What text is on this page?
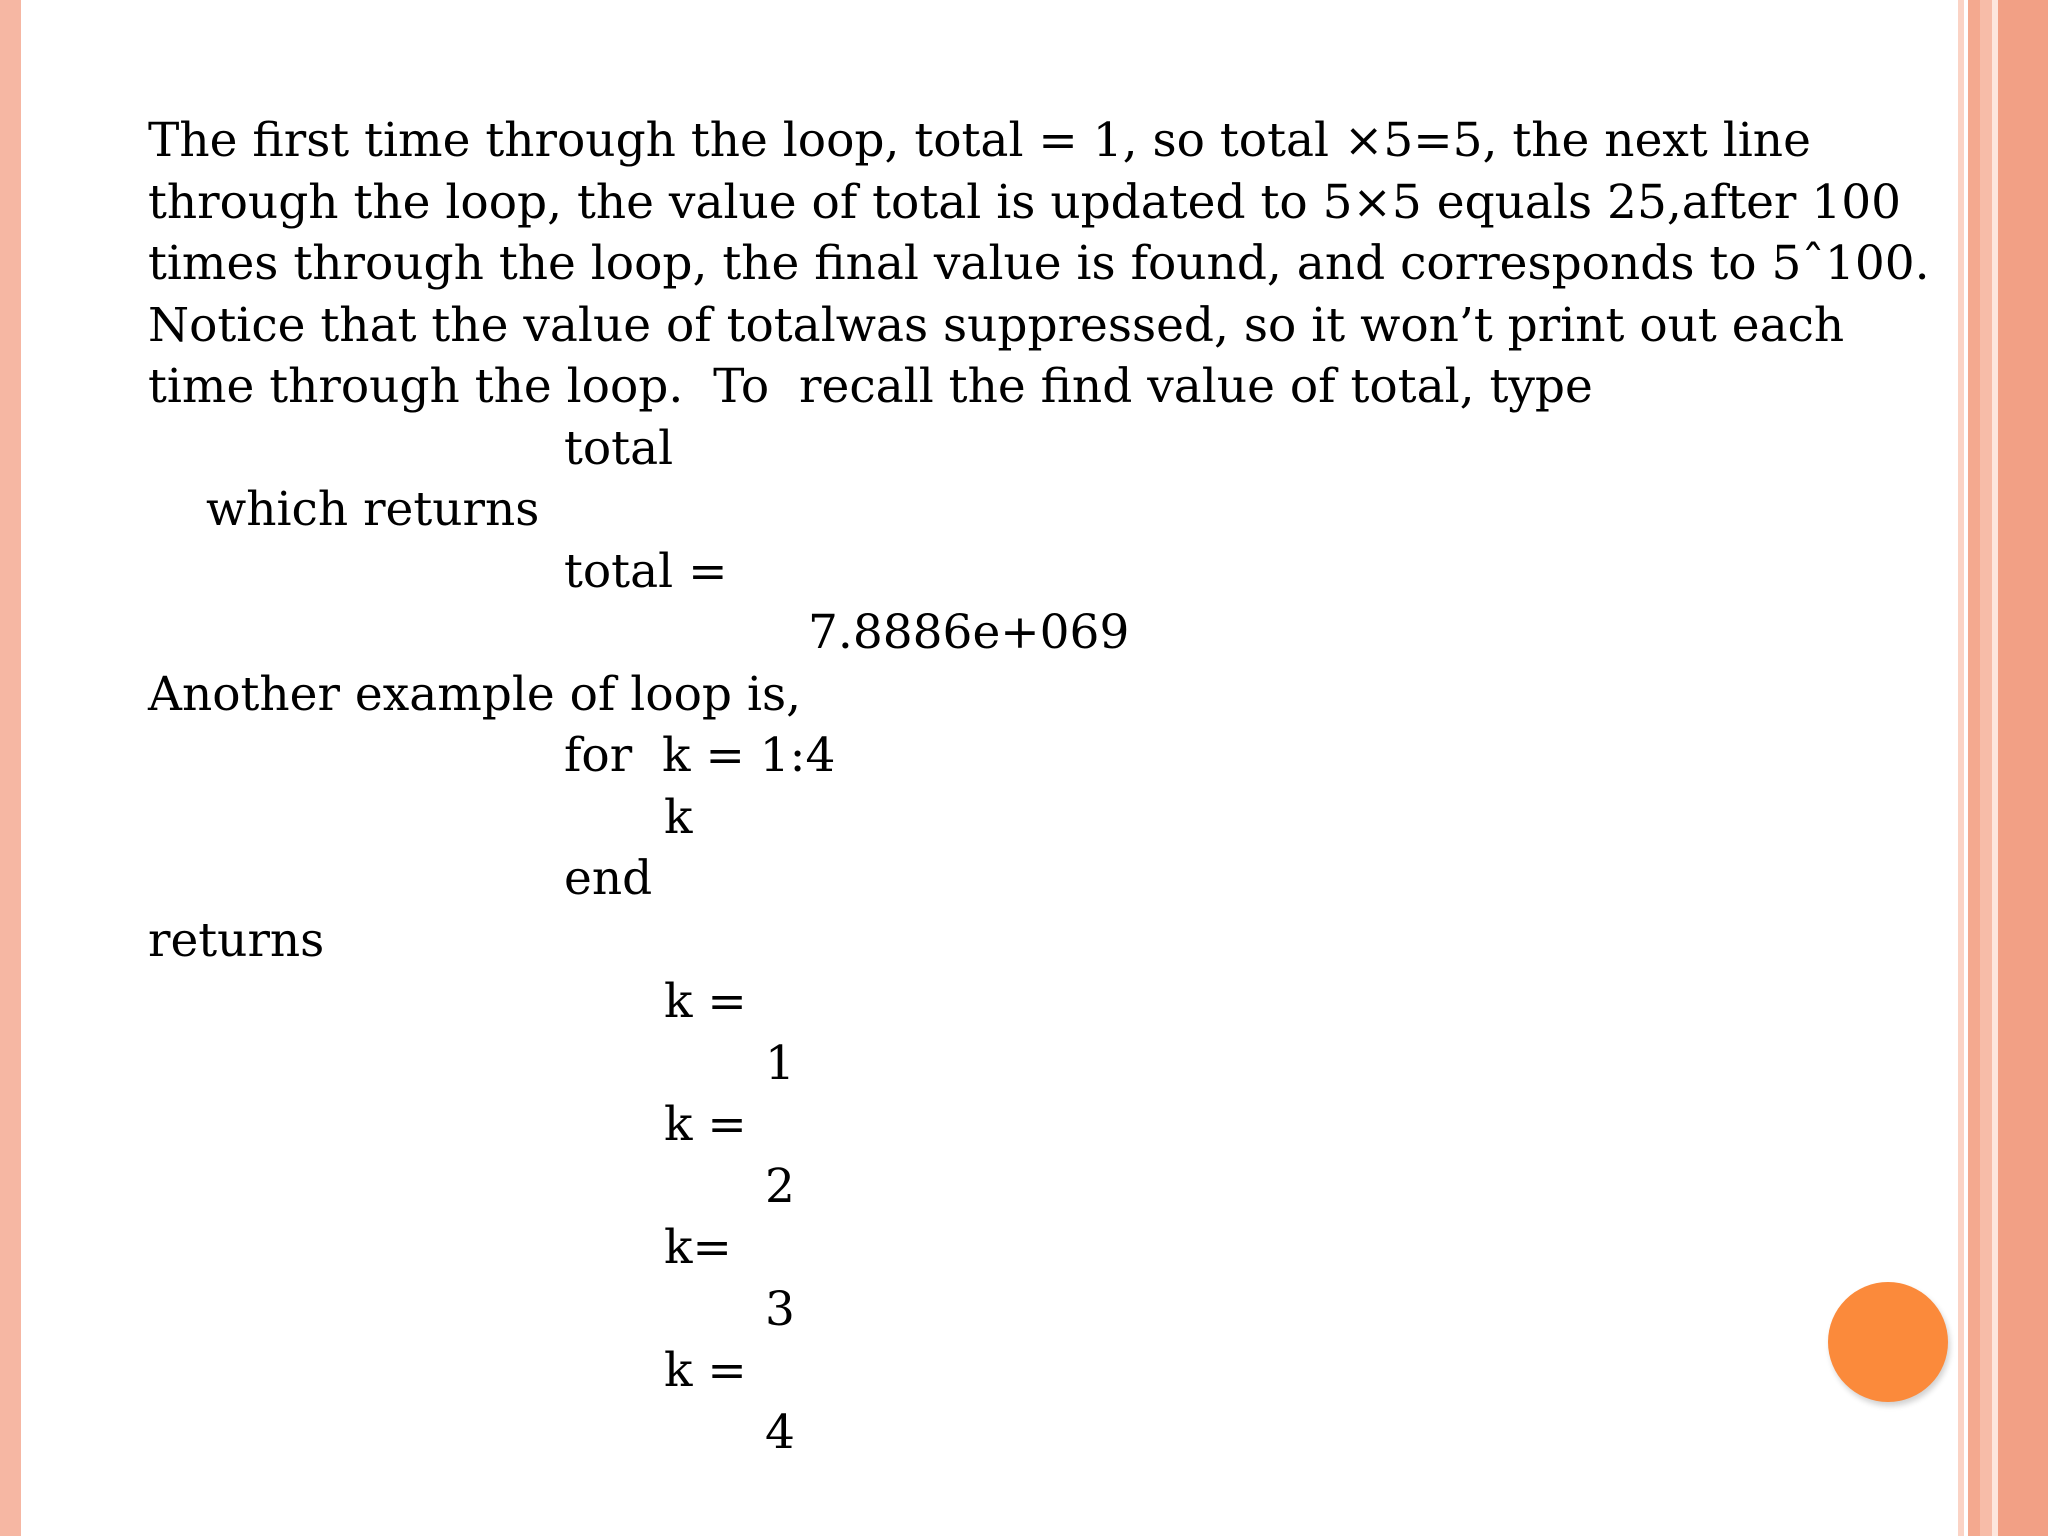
The first time through the loop, total = 1, so total ×5=5, the next line
through the loop, the value of total is updated to 5×5 equals 25,after 100
times through the loop, the final value is found, and corresponds to 5ˆ100.
Notice that the value of totalwas suppressed, so it won’t print out each
time through the loop.  To  recall the find value of total, type
total
which returns
total =
7.8886e+069
Another example of loop is,
for  k = 1:4
k
end
returns
k =
1
k =
2
k=
3
k =
4
